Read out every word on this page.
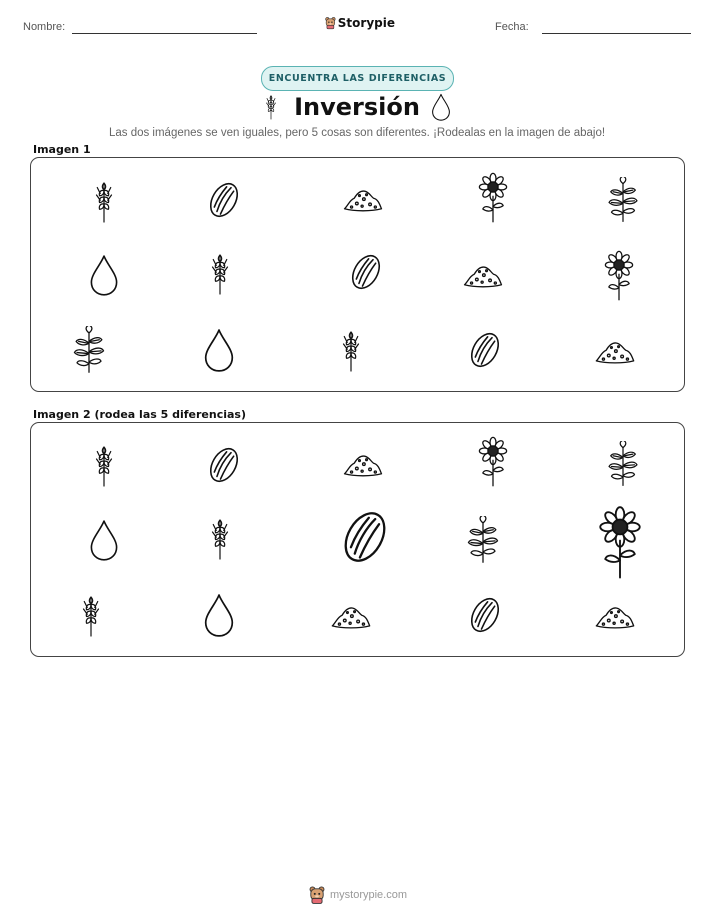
Nombre:	Storypie	Fecha:
ENCUENTRA LAS DIFERENCIAS
Inversión
Las dos imágenes se ven iguales, pero 5 cosas son diferentes. ¡Rodealas en la imagen de abajo!
Imagen 1
Imagen 2 (rodea las 5 diferencias)
mystorypie.com
